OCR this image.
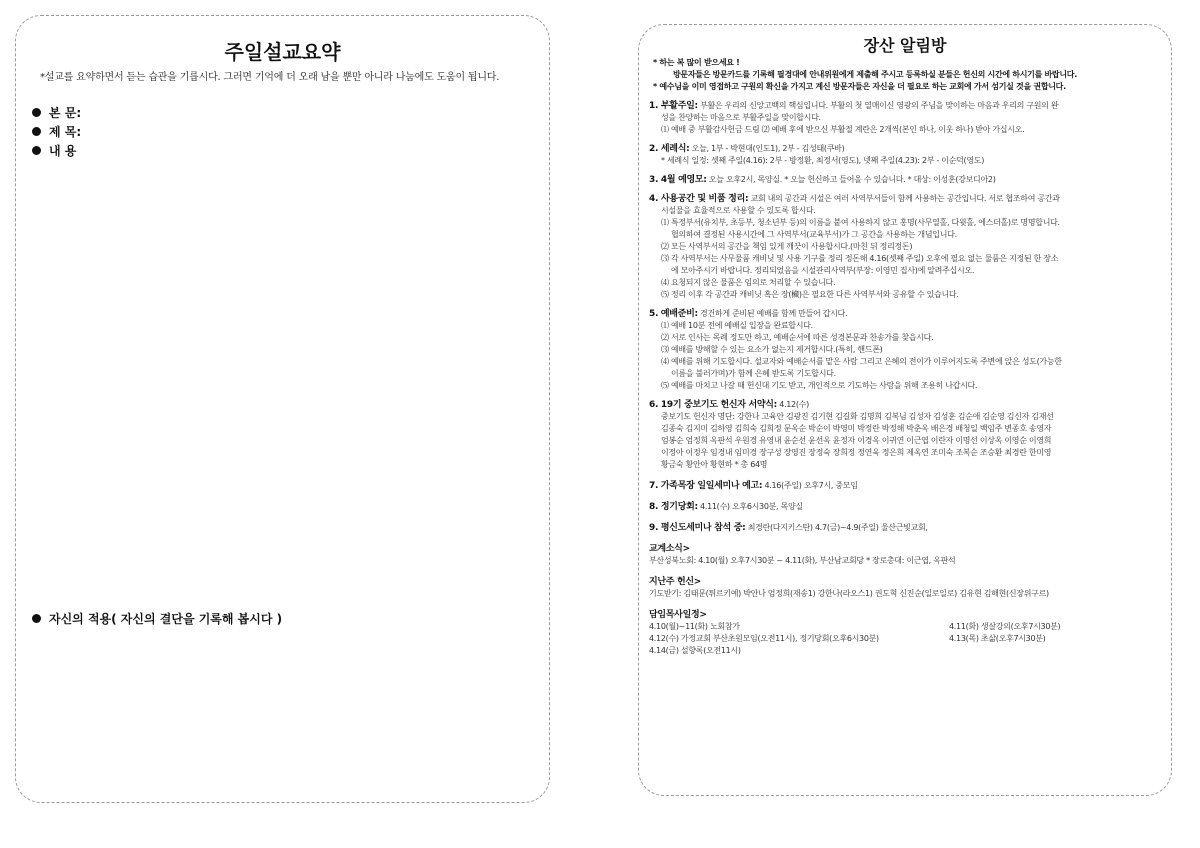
주일설교요약
*설교를 요약하면서 듣는 습관을 기릅시다. 그러면 기억에 더 오래 남을 뿐만 아니라 나눔에도 도움이 됩니다.
본 문:
제 목:
내 용
자신의 적용( 자신의 결단을 기록해 봅시다 )
장산 알림방
* 하는 복 많이 받으세요 !
방문자들은 방문카드를 기록해 필경대에 안내위원에게 제출해 주시고 등록하실 분들은 헌신의 시간에 하시기를 바랍니다.
* 예수님을 이미 영접하고 구원의 확신을 가지고 계신 방문자들은 자신을 더 필요로 하는 교회에 가서 섬기실 것을 권합니다.
1. 부활주일: 부활은 우리의 신앙고백의 핵심입니다. 부활의 첫 열매이신 영광의 주님을 맞이하는 마음과 우리의 구원의 완
성을 찬양하는 마음으로 부활주일을 맞이합시다.
⑴ 예배 중 부활감사헌금 드림 ⑵ 예배 후에 받으신 부활절 계란은 2개씩(본인 하나, 이웃 하나) 받아 가십시오.
2. 세례식: 오늘, 1부 - 박현대(인도1), 2부 - 김성태(쿠바)
* 세례식 일정: 셋째 주일(4.16): 2부 - 방정환, 최정서(영도), 넷째 주일(4.23): 2부 - 이순덕(영도)
3. 4월 예영모: 오늘 오후2시, 목양실. * 오늘 헌신하고 들어올 수 있습니다. * 대상: 이성훈(강보디아2)
4. 사용공간 및 비품 정리: 교회 내의 공간과 시설은 여러 사역부서들이 함께 사용하는 공간입니다. 서로 협조하여 공간과
시설물을 효율적으로 사용할 수 있도록 합시다.
⑴ 특정부서(유치부, 초등부, 청소년부 등)의 이름을 붙여 사용하지 않고 홍명(사무열홀, 다윗홀, 에스더홀)로 명명합니다.
협의하여 결정된 사용시간에 그 사역부서(교육부서)가 그 공간을 사용하는 개념입니다.
⑵ 모든 사역부서의 공간을 책임 있게 깨끗이 사용합시다.(마친 뒤 정리정돈)
⑶ 각 사역부서는 사무물품 캐비닛 및 사용 기구를 정리 정돈해 4.16(셋째 주일) 오후에 필요 없는 물품은 지정된 한 장소
에 모아주시기 바랍니다. 정리되었음을 시설관리사역부(부장: 이영민 집사)에 알려주십시오.
⑷ 요청되지 않은 물품은 임의로 처리할 수 있습니다.
⑸ 정리 이후 각 공간과 캐비닛 혹은 장(欌)은 필요한 다른 사역부서와 공유할 수 있습니다.
5. 예배준비: 경건하게 준비된 예배를 함께 만들어 갑시다.
⑴ 예배 10분 전에 예배실 입장을 완료합시다.
⑵ 서로 인사는 목례 정도만 하고, 예배순서에 따른 성경본문과 찬송가를 찾읍시다.
⑶ 예배를 방해할 수 있는 요소가 없는지 제거합시다.(특히, 핸드폰)
⑷ 예배를 위해 기도합시다. 설교자와 예배순서를 맡은 사람 그리고 은혜의 전이가 이루어지도록 주변에 앉은 성도(가능한
이름을 불러가며)가 함께 은혜 받도록 기도합시다.
⑸ 예배를 마치고 나갈 때 헌신대 기도 받고, 개인적으로 기도하는 사람을 위해 조용히 나갑시다.
6. 19기 중보기도 헌신자 서약식: 4.12(수)
중보기도 헌신자 명단: 강한나 고육안 김광진 김기현 김길화 김명희 김복님 김성자 김성훈 김순애 김순영 김신자 김재선
김종숙 김지미 김하영 김희숙 김희정 문옥순 박순이 박영미 박정란 박정해 박춘옥 배은경 배청일 백임주 변종호 송영자
엄봉순 엄정희 옥판석 우원경 유영내 윤순선 윤선옥 윤정자 이경옥 이귀연 이근엽 이란자 이명선 이상옥 이영순 이영희
이정아 이정우 임경내 임미경 장구성 장영진 장정숙 장희정 정연욱 정은희 제옥연 조미숙 조복순 조승환 최경란 한미영
황금숙 황안아 황현하 * 총 64명
7. 가족목장 일일세미나 예고: 4.16(주일) 오후7시, 중모임
8. 정기당회: 4.11(수) 오후6시30분, 목양실
9. 평신도세미나 참석 중: 최경란(다지키스탄) 4.7(금)~4.9(주일) 울산근빛교회,
교계소식>
부산성북노회: 4.10(월) 오후7시30분 ~ 4.11(화), 부산남교회당 * 장로총대: 이근엽, 옥판석
지난주 헌신>
기도받기: 김태문(튀르키예) 박안나 엄정희(재송1) 강한나(라오스1) 권도혁 신진순(일로일로) 김유현 김해현(신장위구르)
담임목사일정>
4.10(월)~11(화) 노회참가	4.11(화) 생살강의(오후7시30분)
4.12(수) 가정교회 부산초원모임(오전11시), 정기당회(오후6시30분)	4.13(목) 초삶(오후7시30분)
4.14(금) 설향록(오전11시)
